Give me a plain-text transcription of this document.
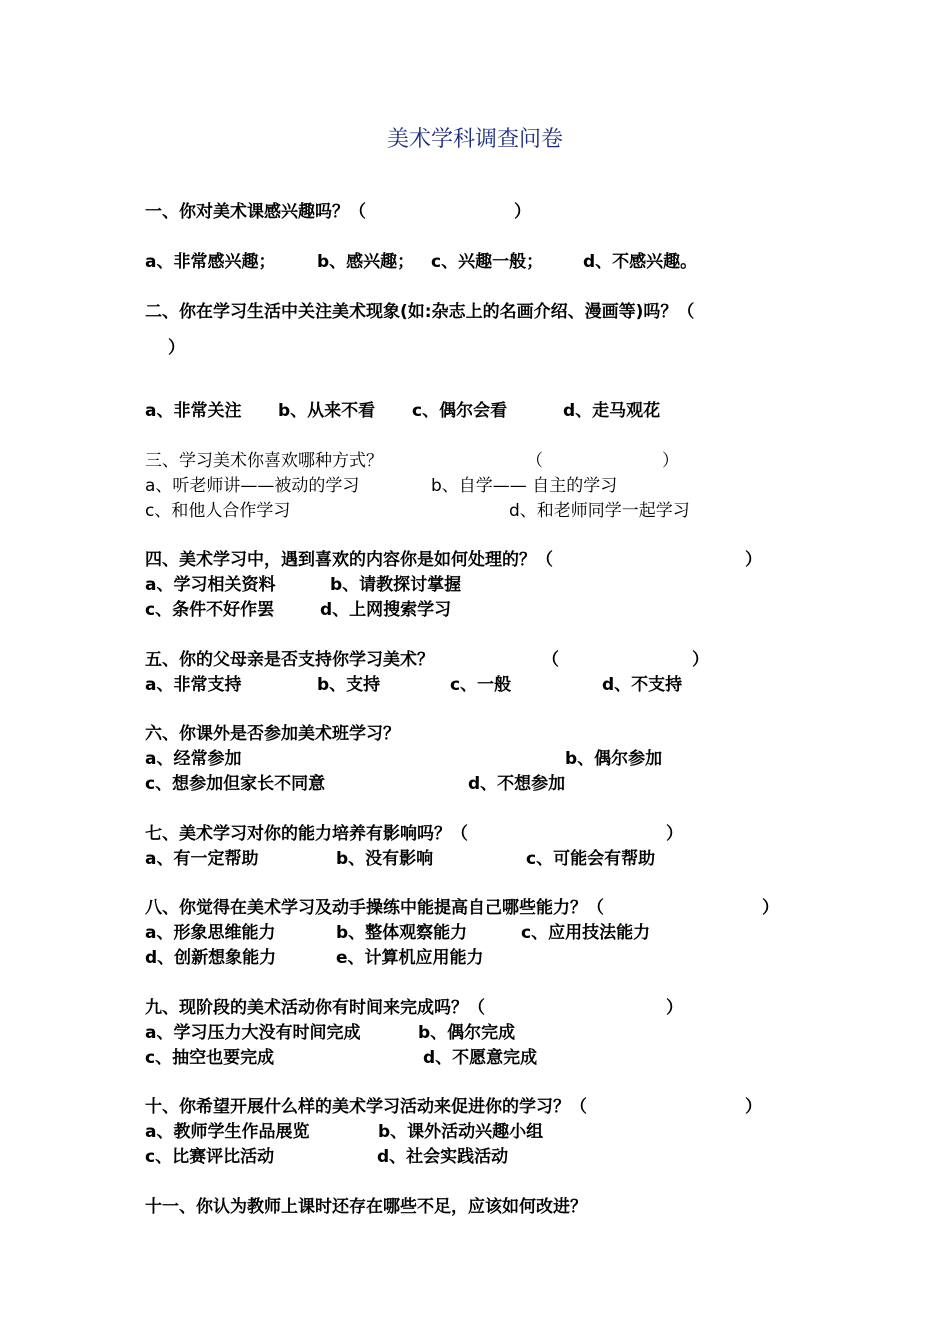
美术学科调查问卷
一、你对美术课感兴趣吗？（	）
a、非常感兴趣； b、感兴趣； c、兴趣一般； d、不感兴趣。
二、你在学习生活中关注美术现象(如:杂志上的名画介绍、漫画等)吗？（
）
a、非常关注 b、从来不看 c、偶尔会看	d、走马观花
三、学习美术你喜欢哪种方式？	（	）
a、听老师讲——被动的学习	b、自学—— 自主的学习
c、和他人合作学习	d、和老师同学一起学习
四、美术学习中，遇到喜欢的内容你是如何处理的？（	）
a、学习相关资料	b、请教探讨掌握
c、条件不好作罢	d、上网搜索学习
五、你的父母亲是否支持你学习美术？	（	）
a、非常支持	b、支持	c、一般	d、不支持
六、你课外是否参加美术班学习？
a、经常参加	b、偶尔参加
c、想参加但家长不同意	d、不想参加
七、美术学习对你的能力培养有影响吗？（	）
a、有一定帮助	b、没有影响	c、可能会有帮助
八、你觉得在美术学习及动手操练中能提高自己哪些能力？（	）
a、形象思维能力	b、整体观察能力	c、应用技法能力
d、创新想象能力	e、计算机应用能力
九、现阶段的美术活动你有时间来完成吗？（	）
a、学习压力大没有时间完成	b、偶尔完成
c、抽空也要完成	d、不愿意完成
十、你希望开展什么样的美术学习活动来促进你的学习？（	）
a、教师学生作品展览	b、课外活动兴趣小组
c、比赛评比活动	d、社会实践活动
十一、你认为教师上课时还存在哪些不足，应该如何改进？
